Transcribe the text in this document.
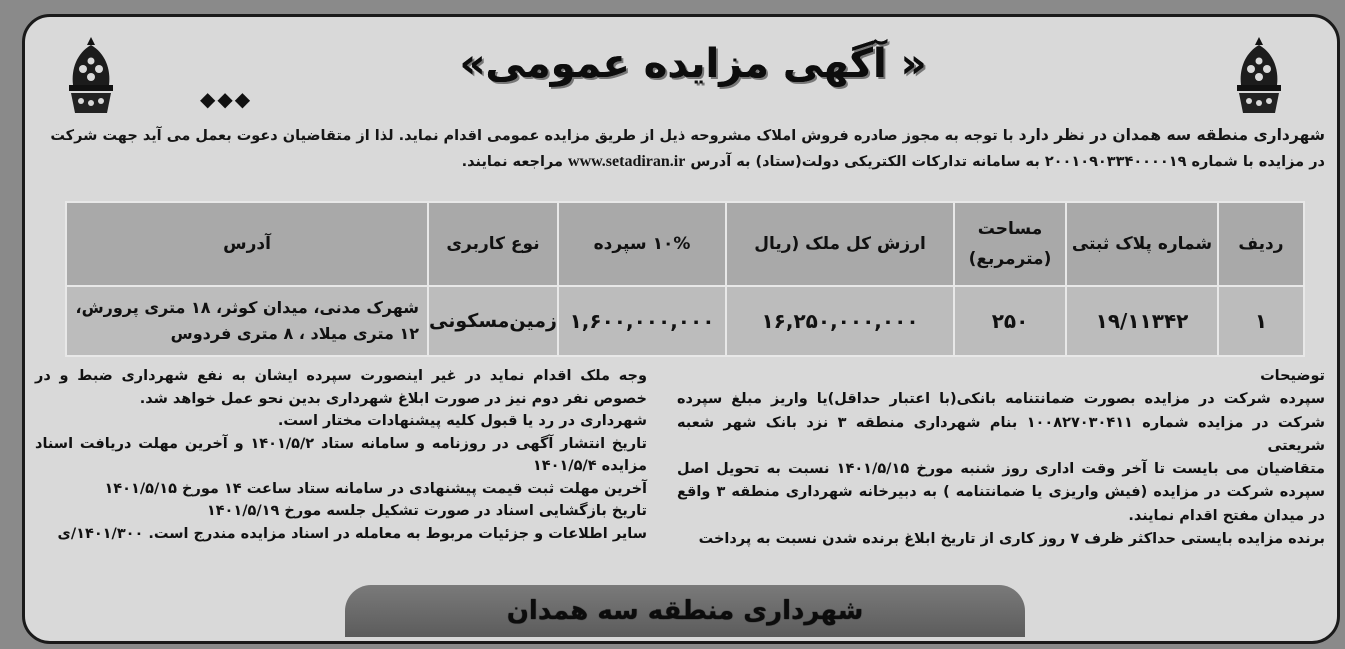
« آگهی مزایده عمومی»
◆◆◆
شهرداری منطقه سه همدان در نظر دارد با توجه به مجوز صادره فروش املاک مشروحه ذیل از طریق مزایده عمومی اقدام نماید. لذا از متقاضیان دعوت بعمل می آید جهت شرکت در مزایده با شماره ۲۰۰۱۰۹۰۳۳۴۰۰۰۰۱۹ به سامانه تدارکات الکتریکی دولت(ستاد) به آدرس www.setadiran.ir مراجعه نمایند.
ردیف	شماره پلاک ثبتی	مساحت (مترمربع)	ارزش کل ملک (ریال	۱۰% سپرده	نوع کاربری	آدرس
۱	۱۹/۱۱۳۴۲	۲۵۰	۱۶,۲۵۰,۰۰۰,۰۰۰	۱,۶۰۰,۰۰۰,۰۰۰	زمین‌مسکونی	شهرک مدنی، میدان کوثر، ۱۸ متری پرورش، ۱۲ متری میلاد ، ۸ متری فردوس

توضیحات

سپرده شرکت در مزایده بصورت ضمانتنامه بانکی(با اعتبار حداقل)یا واریز مبلغ سپرده شرکت در مزایده شماره ۱۰۰۸۲۷۰۳۰۴۱۱ بنام شهرداری منطقه ۳ نزد بانک شهر شعبه شریعتی

متقاضیان می بایست تا آخر وقت اداری روز شنبه مورخ ۱۴۰۱/۵/۱۵ نسبت به تحویل اصل سپرده شرکت در مزایده (فیش واریزی یا ضمانتنامه ) به دبیرخانه شهرداری منطقه ۳ واقع در میدان مفتح اقدام نمایند.

برنده مزایده بایستی حداکثر ظرف ۷ روز کاری از تاریخ ابلاغ برنده شدن نسبت به پرداخت

وجه ملک اقدام نماید در غیر اینصورت سپرده ایشان به نفع شهرداری ضبط و در خصوص نفر دوم نیز در صورت ابلاغ شهرداری بدین نحو عمل خواهد شد.

شهرداری در رد یا قبول کلیه پیشنهادات مختار است.

تاریخ انتشار آگهی در روزنامه و سامانه ستاد ۱۴۰۱/۵/۲ و آخرین مهلت دریافت اسناد مزایده ۱۴۰۱/۵/۴

آخرین مهلت ثبت قیمت پیشنهادی در سامانه ستاد ساعت ۱۴ مورخ ۱۴۰۱/۵/۱۵

تاریخ بازگشایی اسناد در صورت تشکیل جلسه مورخ ۱۴۰۱/۵/۱۹

سایر اطلاعات و جزئیات مربوط به معامله در اسناد مزایده مندرج است. ۱۴۰۱/۳۰۰/ی

شهرداری منطقه سه همدان
